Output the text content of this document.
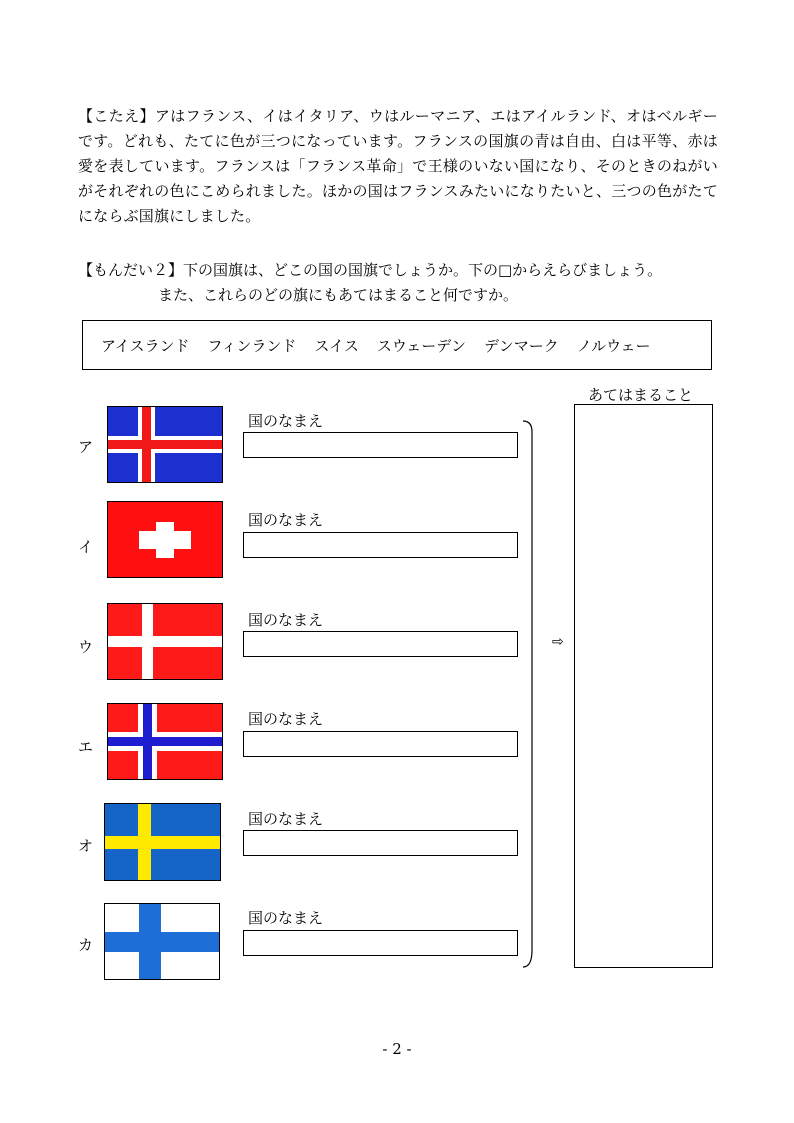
【こたえ】アはフランス、イはイタリア、ウはルーマニア、エはアイルランド、オはベルギーです。どれも、たてに色が三つになっています。フランスの国旗の青は自由、白は平等、赤は愛を表しています。フランスは「フランス革命」で王様のいない国になり、そのときのねがいがそれぞれの色にこめられました。ほかの国はフランスみたいになりたいと、三つの色がたてにならぶ国旗にしました。
【もんだい２】下の国旗は、どこの国の国旗でしょうか。下の□からえらびましょう。
また、これらのどの旗にもあてはまること何ですか。
アイスランド フィンランド スイス スウェーデン デンマーク ノルウェー
ア
国のなまえ
イ
国のなまえ
ウ
国のなまえ
エ
国のなまえ
オ
国のなまえ
カ
国のなまえ
⇨
あてはまること
- 2 -
